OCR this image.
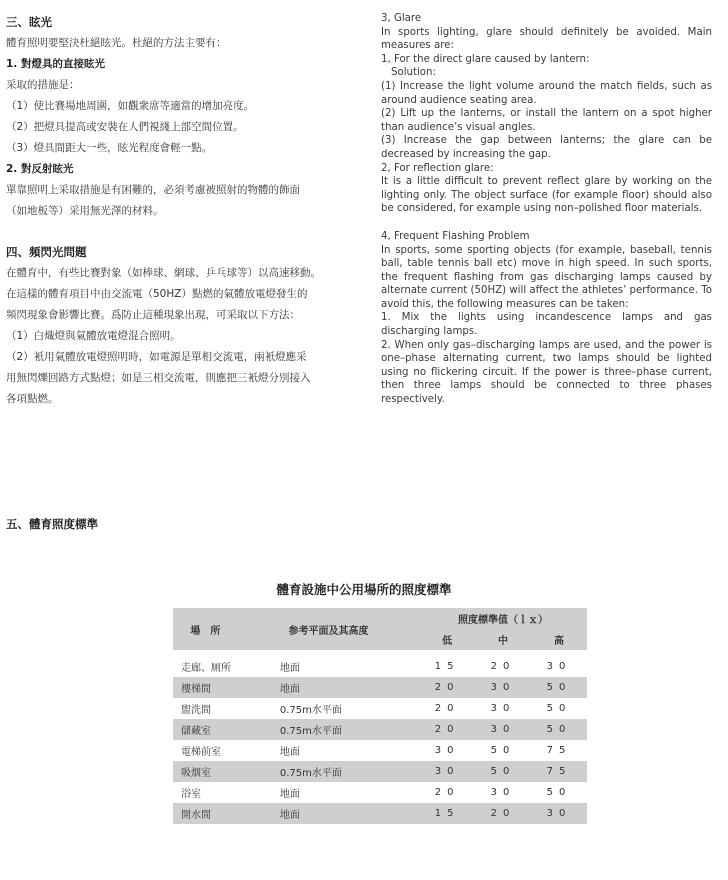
三、眩光

體育照明要堅決杜絕眩光。杜絕的方法主要有：

1. 對燈具的直接眩光

采取的措施是：

（1）使比賽場地周圍，如觀衆席等適當的增加亮度。

（2）把燈具提高或安裝在人們視綫上部空間位置。

（3）燈具間距大一些，眩光程度會輕一點。

2. 對反射眩光

單靠照明上采取措施是有困難的，必須考慮被照射的物體的飾面

（如地板等）采用無光澤的材料。

四、頻閃光問題

在體育中，有些比賽對象（如棒球、網球、乒乓球等）以高速移動。

在這樣的體育項目中由交流電（50HZ）點燃的氣體放電燈發生的

頻閃現象會影響比賽。爲防止這種現象出現，可采取以下方法：

（1）白熾燈與氣體放電燈混合照明。

（2）衹用氣體放電燈照明時，如電源是單相交流電，兩衹燈應采

用無閃爍回路方式點燈；如是三相交流電，則應把三衹燈分別接入

各項點燃。

3, Glare

In sports lighting, glare should definitely be avoided. Main measures are:

1, For the direct glare caused by lantern:

Solution:

(1) Increase the light volume around the match fields, such as around audience seating area.

(2) Lift up the lanterns, or install the lantern on a spot higher than audience’s visual angles.

(3) Increase the gap between lanterns; the glare can be decreased by increasing the gap.

2, For reflection glare:

It is a little difficult to prevent reflect glare by working on the lighting only. The object surface (for example floor) should also be considered, for example using non–polished floor materials.

4, Frequent Flashing Problem

In sports, some sporting objects (for example, baseball, tennis ball, table tennis ball etc) move in high speed. In such sports, the frequent flashing from gas discharging lamps caused by alternate current (50HZ) will affect the athletes’ performance. To avoid this, the following measures can be taken:

1. Mix the lights using incandescence lamps and gas discharging lamps.

2. When only gas–discharging lamps are used, and the power is one–phase alternating current, two lamps should be lighted using no flickering circuit. If the power is three–phase current, then three lamps should be connected to three phases respectively.

五、體育照度標準
體育設施中公用場所的照度標準
場　所	参考平面及其高度	照度標準值（ｌｘ）		
		低	中	高

走廊、厕所	地面	15	20	30
樓梯間	地面	20	30	50
盥洗間	0.75m水平面	20	30	50
儲藏室	0.75m水平面	20	30	50
電梯前室	地面	30	50	75
吸烟室	0.75m水平面	30	50	75
浴室	地面	20	30	50
開水間	地面	15	20	30
